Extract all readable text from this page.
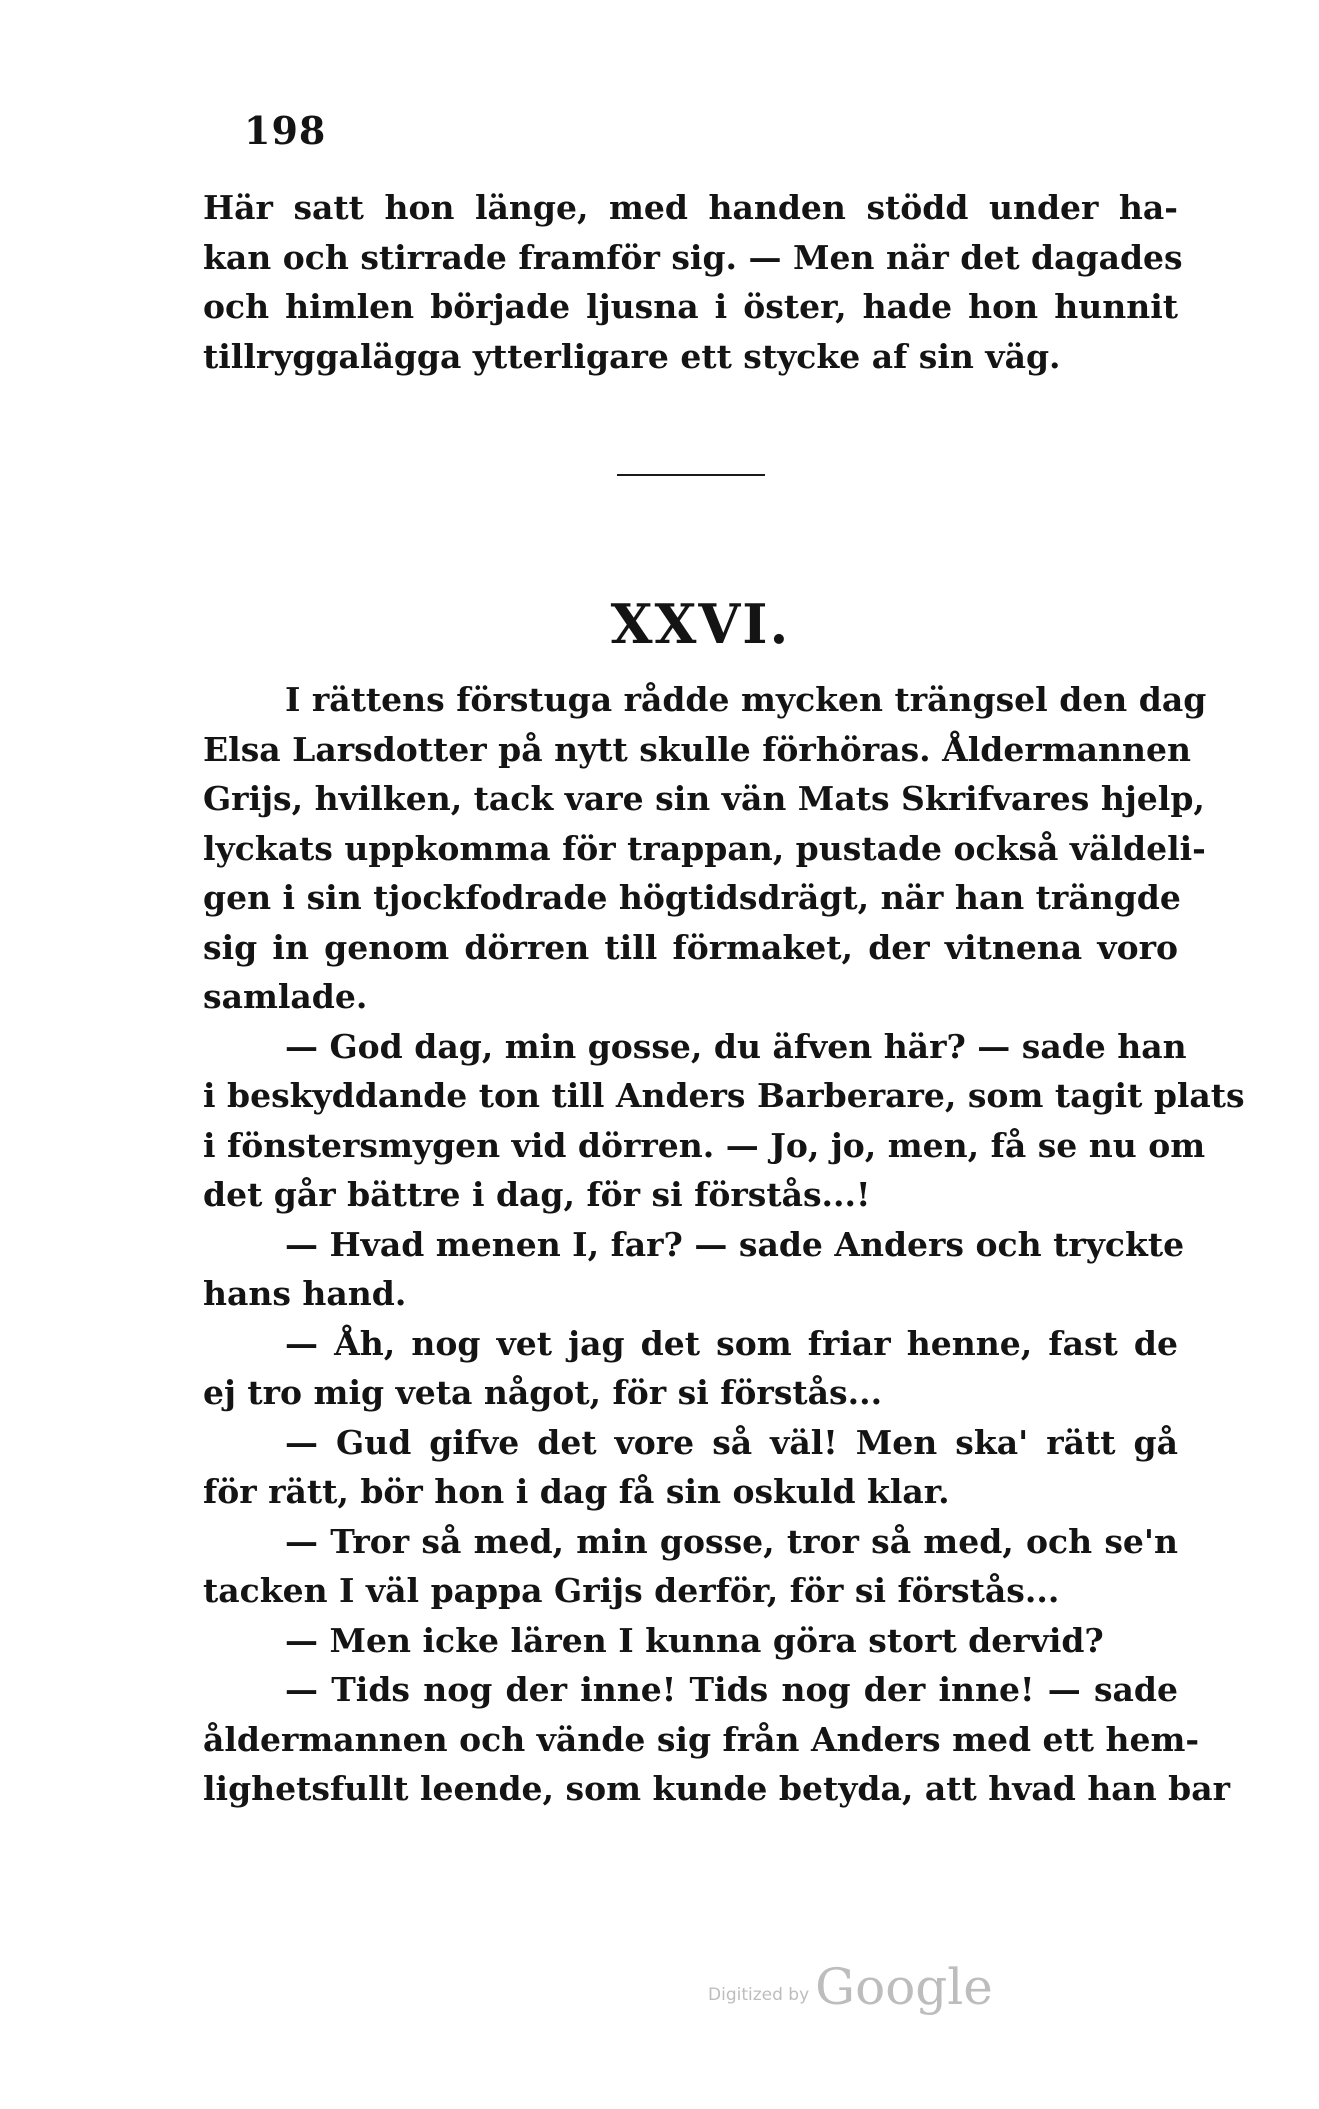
198
Här satt hon länge, med handen stödd under ha-
kan och stirrade framför sig. — Men när det dagades
och himlen började ljusna i öster, hade hon hunnit
tillryggalägga ytterligare ett stycke af sin väg.
XXVI.
I rättens förstuga rådde mycken trängsel den dag
Elsa Larsdotter på nytt skulle förhöras. Åldermannen
Grijs, hvilken, tack vare sin vän Mats Skrifvares hjelp,
lyckats uppkomma för trappan, pustade också väldeli-
gen i sin tjockfodrade högtidsdrägt, när han trängde
sig in genom dörren till förmaket, der vitnena voro
samlade.
— God dag, min gosse, du äfven här? — sade han
i beskyddande ton till Anders Barberare, som tagit plats
i fönstersmygen vid dörren. — Jo, jo, men, få se nu om
det går bättre i dag, för si förstås...!
— Hvad menen I, far? — sade Anders och tryckte
hans hand.
— Åh, nog vet jag det som friar henne, fast de
ej tro mig veta något, för si förstås...
— Gud gifve det vore så väl! Men ska' rätt gå
för rätt, bör hon i dag få sin oskuld klar.
— Tror så med, min gosse, tror så med, och se'n
tacken I väl pappa Grijs derför, för si förstås...
— Men icke lären I kunna göra stort dervid?
— Tids nog der inne! Tids nog der inne! — sade
åldermannen och vände sig från Anders med ett hem-
lighetsfullt leende, som kunde betyda, att hvad han bar
Digitized by Google
